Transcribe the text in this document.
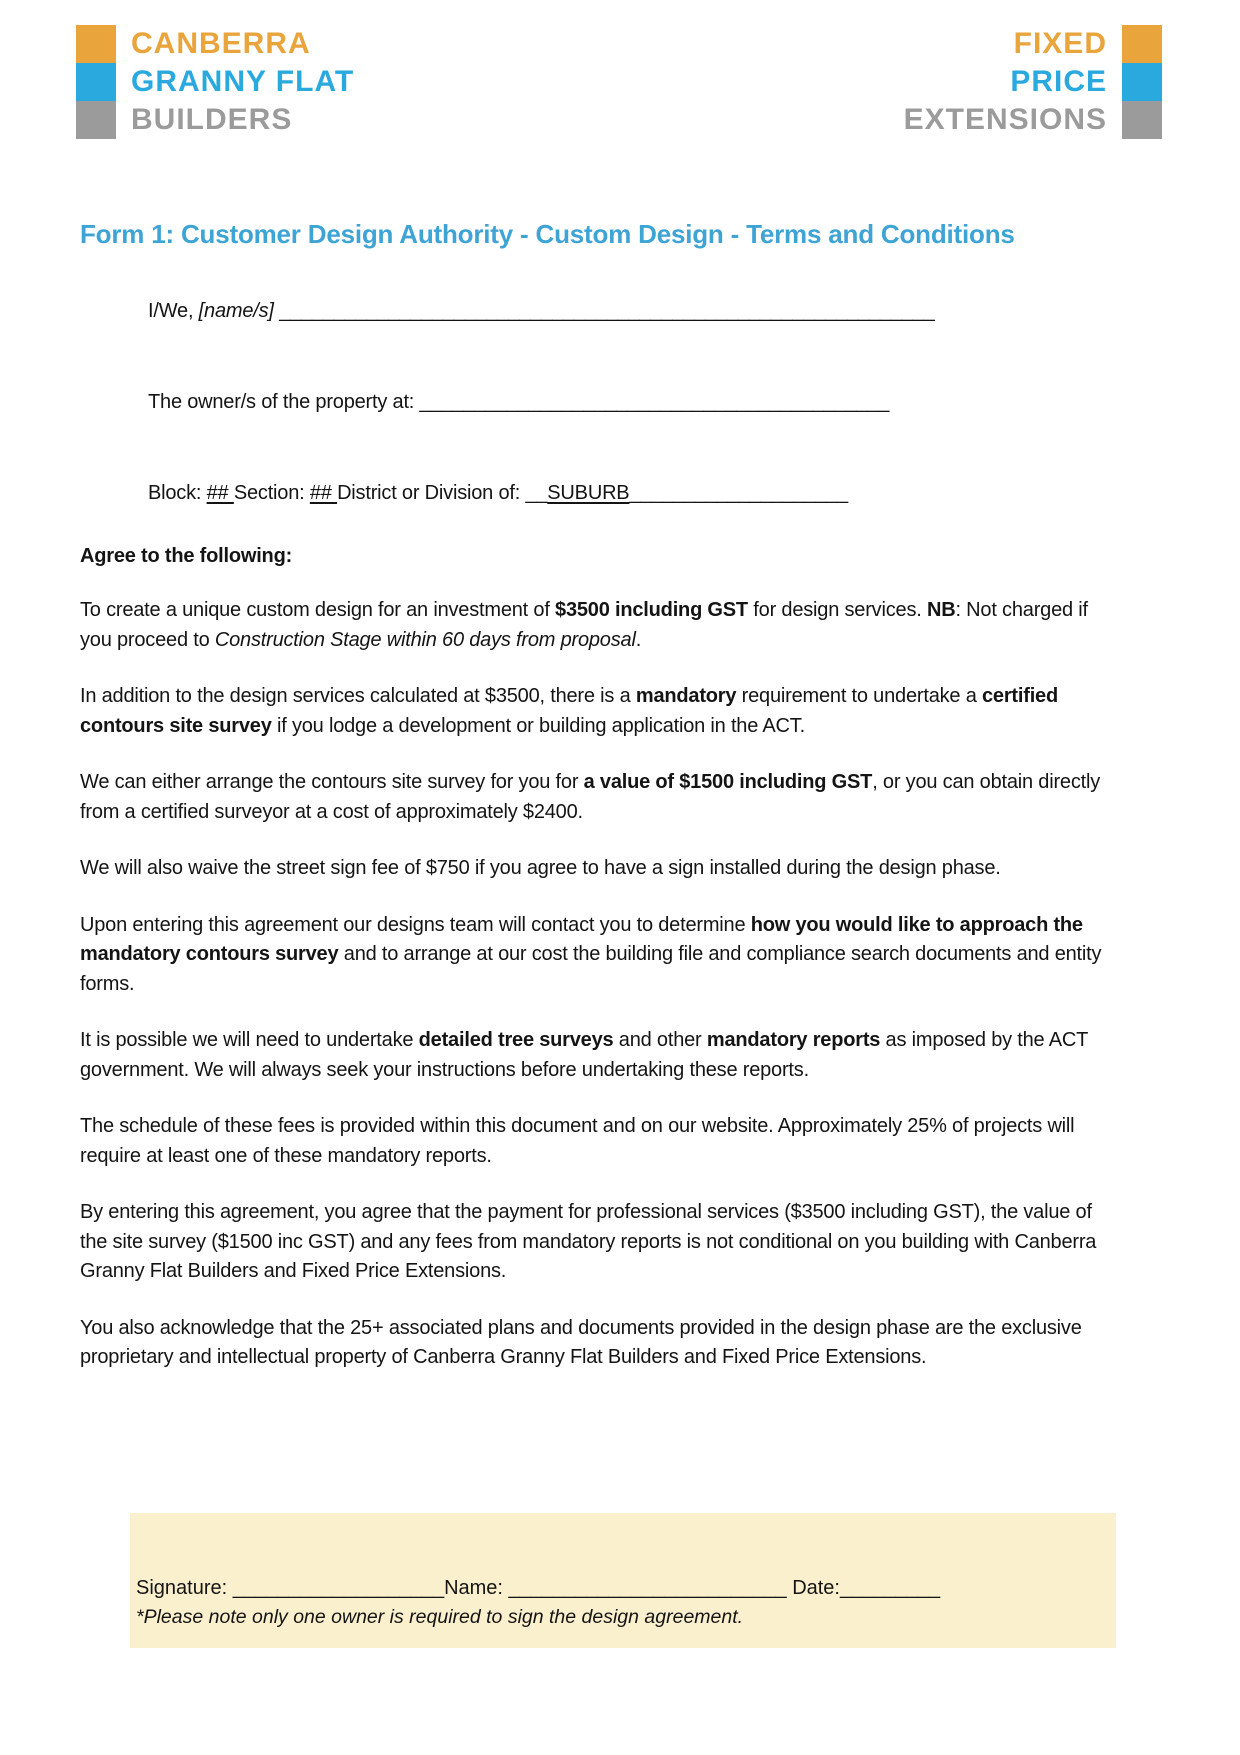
CANBERRA
GRANNY FLAT
BUILDERS
FIXED
PRICE
EXTENSIONS
Form 1: Customer Design Authority - Custom Design - Terms and Conditions
I/We, [name/s] ____________________________________________________________
The owner/s of the property at: ___________________________________________
Block: ## Section: ## District or Division of: __SUBURB____________________
Agree to the following:

To create a unique custom design for an investment of $3500 including GST for design services. NB: Not charged if you proceed to Construction Stage within 60 days from proposal.

In addition to the design services calculated at $3500, there is a mandatory requirement to undertake a certified contours site survey if you lodge a development or building application in the ACT.

We can either arrange the contours site survey for you for a value of $1500 including GST, or you can obtain directly from a certified surveyor at a cost of approximately $2400.

We will also waive the street sign fee of $750 if you agree to have a sign installed during the design phase.

Upon entering this agreement our designs team will contact you to determine how you would like to approach the mandatory contours survey and to arrange at our cost the building file and compliance search documents and entity forms.

It is possible we will need to undertake detailed tree surveys and other mandatory reports as imposed by the ACT government. We will always seek your instructions before undertaking these reports.

The schedule of these fees is provided within this document and on our website. Approximately 25% of projects will require at least one of these mandatory reports.

By entering this agreement, you agree that the payment for professional services ($3500 including GST), the value of the site survey ($1500 inc GST) and any fees from mandatory reports is not conditional on you building with Canberra Granny Flat Builders and Fixed Price Extensions.

You also acknowledge that the 25+ associated plans and documents provided in the design phase are the exclusive proprietary and intellectual property of Canberra Granny Flat Builders and Fixed Price Extensions.

Signature: ___________________Name: _________________________ Date:_________
*Please note only one owner is required to sign the design agreement.
